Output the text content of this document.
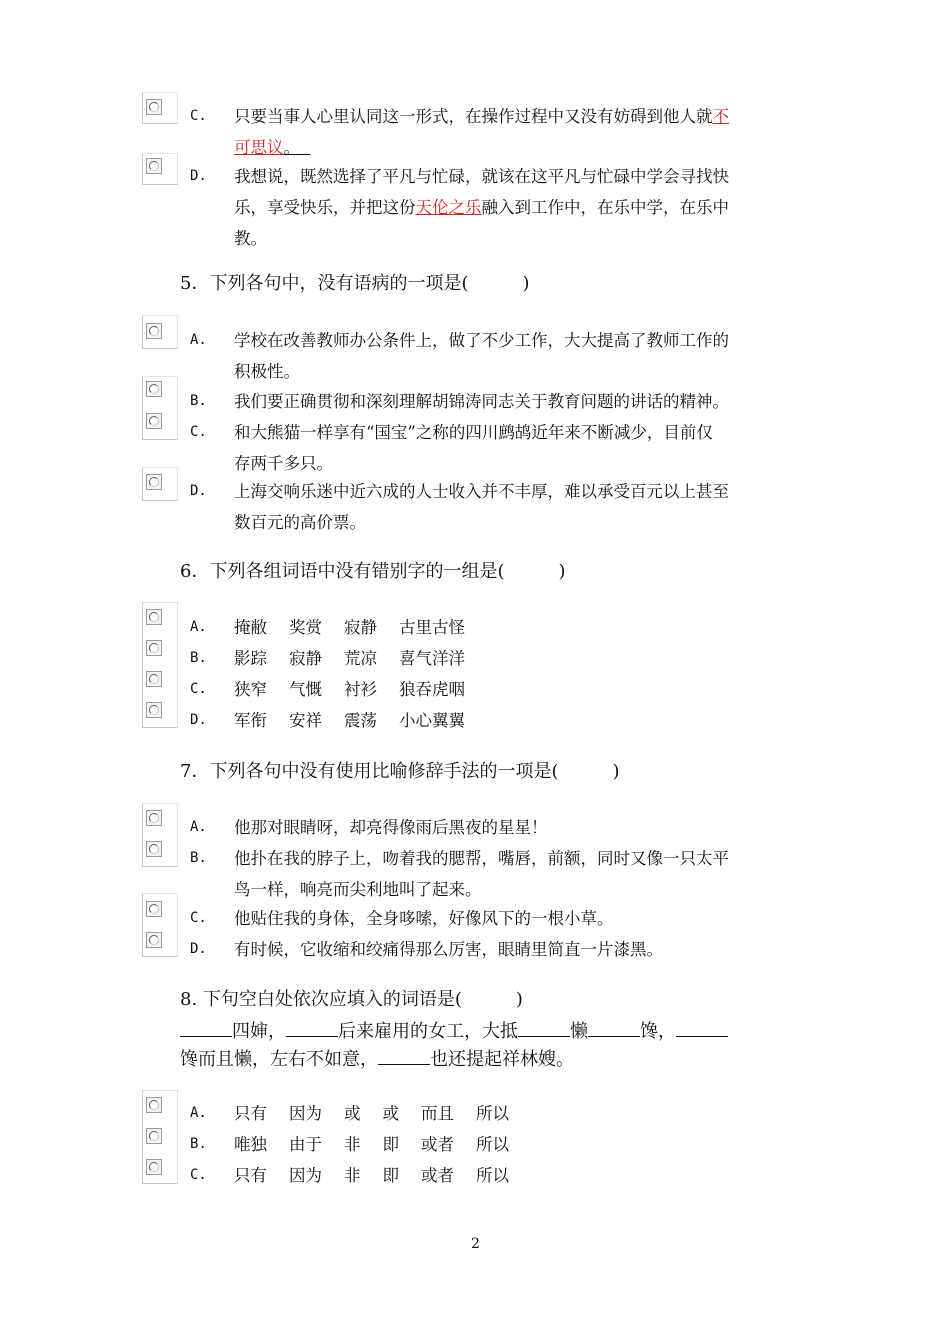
C. 只要当事人心里认同这一形式，在操作过程中又没有妨碍到他人就不
可思议。
D. 我想说，既然选择了平凡与忙碌，就该在这平凡与忙碌中学会寻找快
乐，享受快乐，并把这份天伦之乐融入到工作中，在乐中学，在乐中
教。
5．下列各句中，没有语病的一项是(　　　)
A. 学校在改善教师办公条件上，做了不少工作，大大提高了教师工作的
积极性。
B. 我们要正确贯彻和深刻理解胡锦涛同志关于教育问题的讲话的精神。
C. 和大熊猫一样享有“国宝”之称的四川鹧鸪近年来不断减少，目前仅
存两千多只。
D. 上海交响乐迷中近六成的人士收入并不丰厚，难以承受百元以上甚至
数百元的高价票。
6．下列各组词语中没有错别字的一组是(　　　)
A. 掩敝 奖赏 寂静 古里古怪
B. 影踪 寂静 荒凉 喜气洋洋
C. 狭窄 气慨 衬衫 狼吞虎咽
D. 军衔 安祥 震荡 小心翼翼
7．下列各句中没有使用比喻修辞手法的一项是(　　　)
A. 他那对眼睛呀，却亮得像雨后黑夜的星星！
B. 他扑在我的脖子上，吻着我的腮帮，嘴唇，前额，同时又像一只太平
鸟一样，响亮而尖利地叫了起来。
C. 他贴住我的身体，全身哆嗦，好像风下的一根小草。
D. 有时候，它收缩和绞痛得那么厉害，眼睛里简直一片漆黑。
8. 下句空白处依次应填入的词语是(　　　)
四婶，	后来雇用的女工，大抵	懒	馋，
馋而且懒，左右不如意，	也还提起祥林嫂。
A. 只有 因为 或 或 而且 所以
B. 唯独 由于 非 即 或者 所以
C. 只有 因为 非 即 或者 所以
2
